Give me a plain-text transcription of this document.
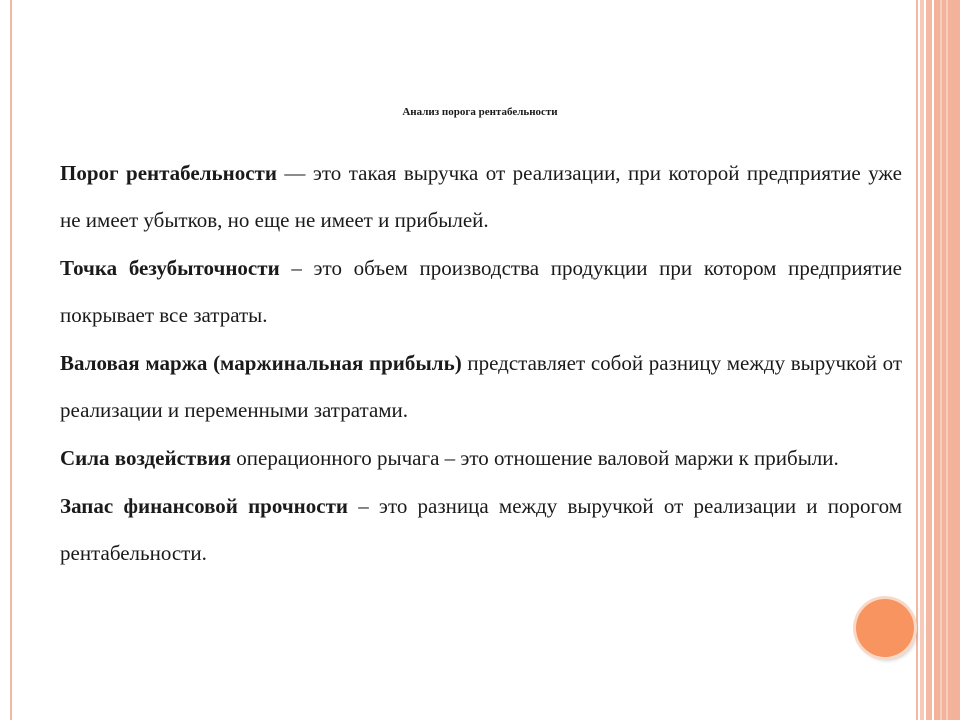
Анализ порога рентабельности

Порог рентабельности — это такая выручка от реализации, при которой предприятие уже не имеет убытков, но еще не имеет и прибылей.

Точка безубыточности – это объем производства продукции при котором предприятие покрывает все затраты.

Валовая маржа (маржинальная прибыль) представляет собой разницу между выручкой от реализации и переменными затратами.

Сила воздействия операционного рычага – это отношение валовой маржи к прибыли.

Запас финансовой прочности – это разница между выручкой от реализации и порогом рентабельности.
